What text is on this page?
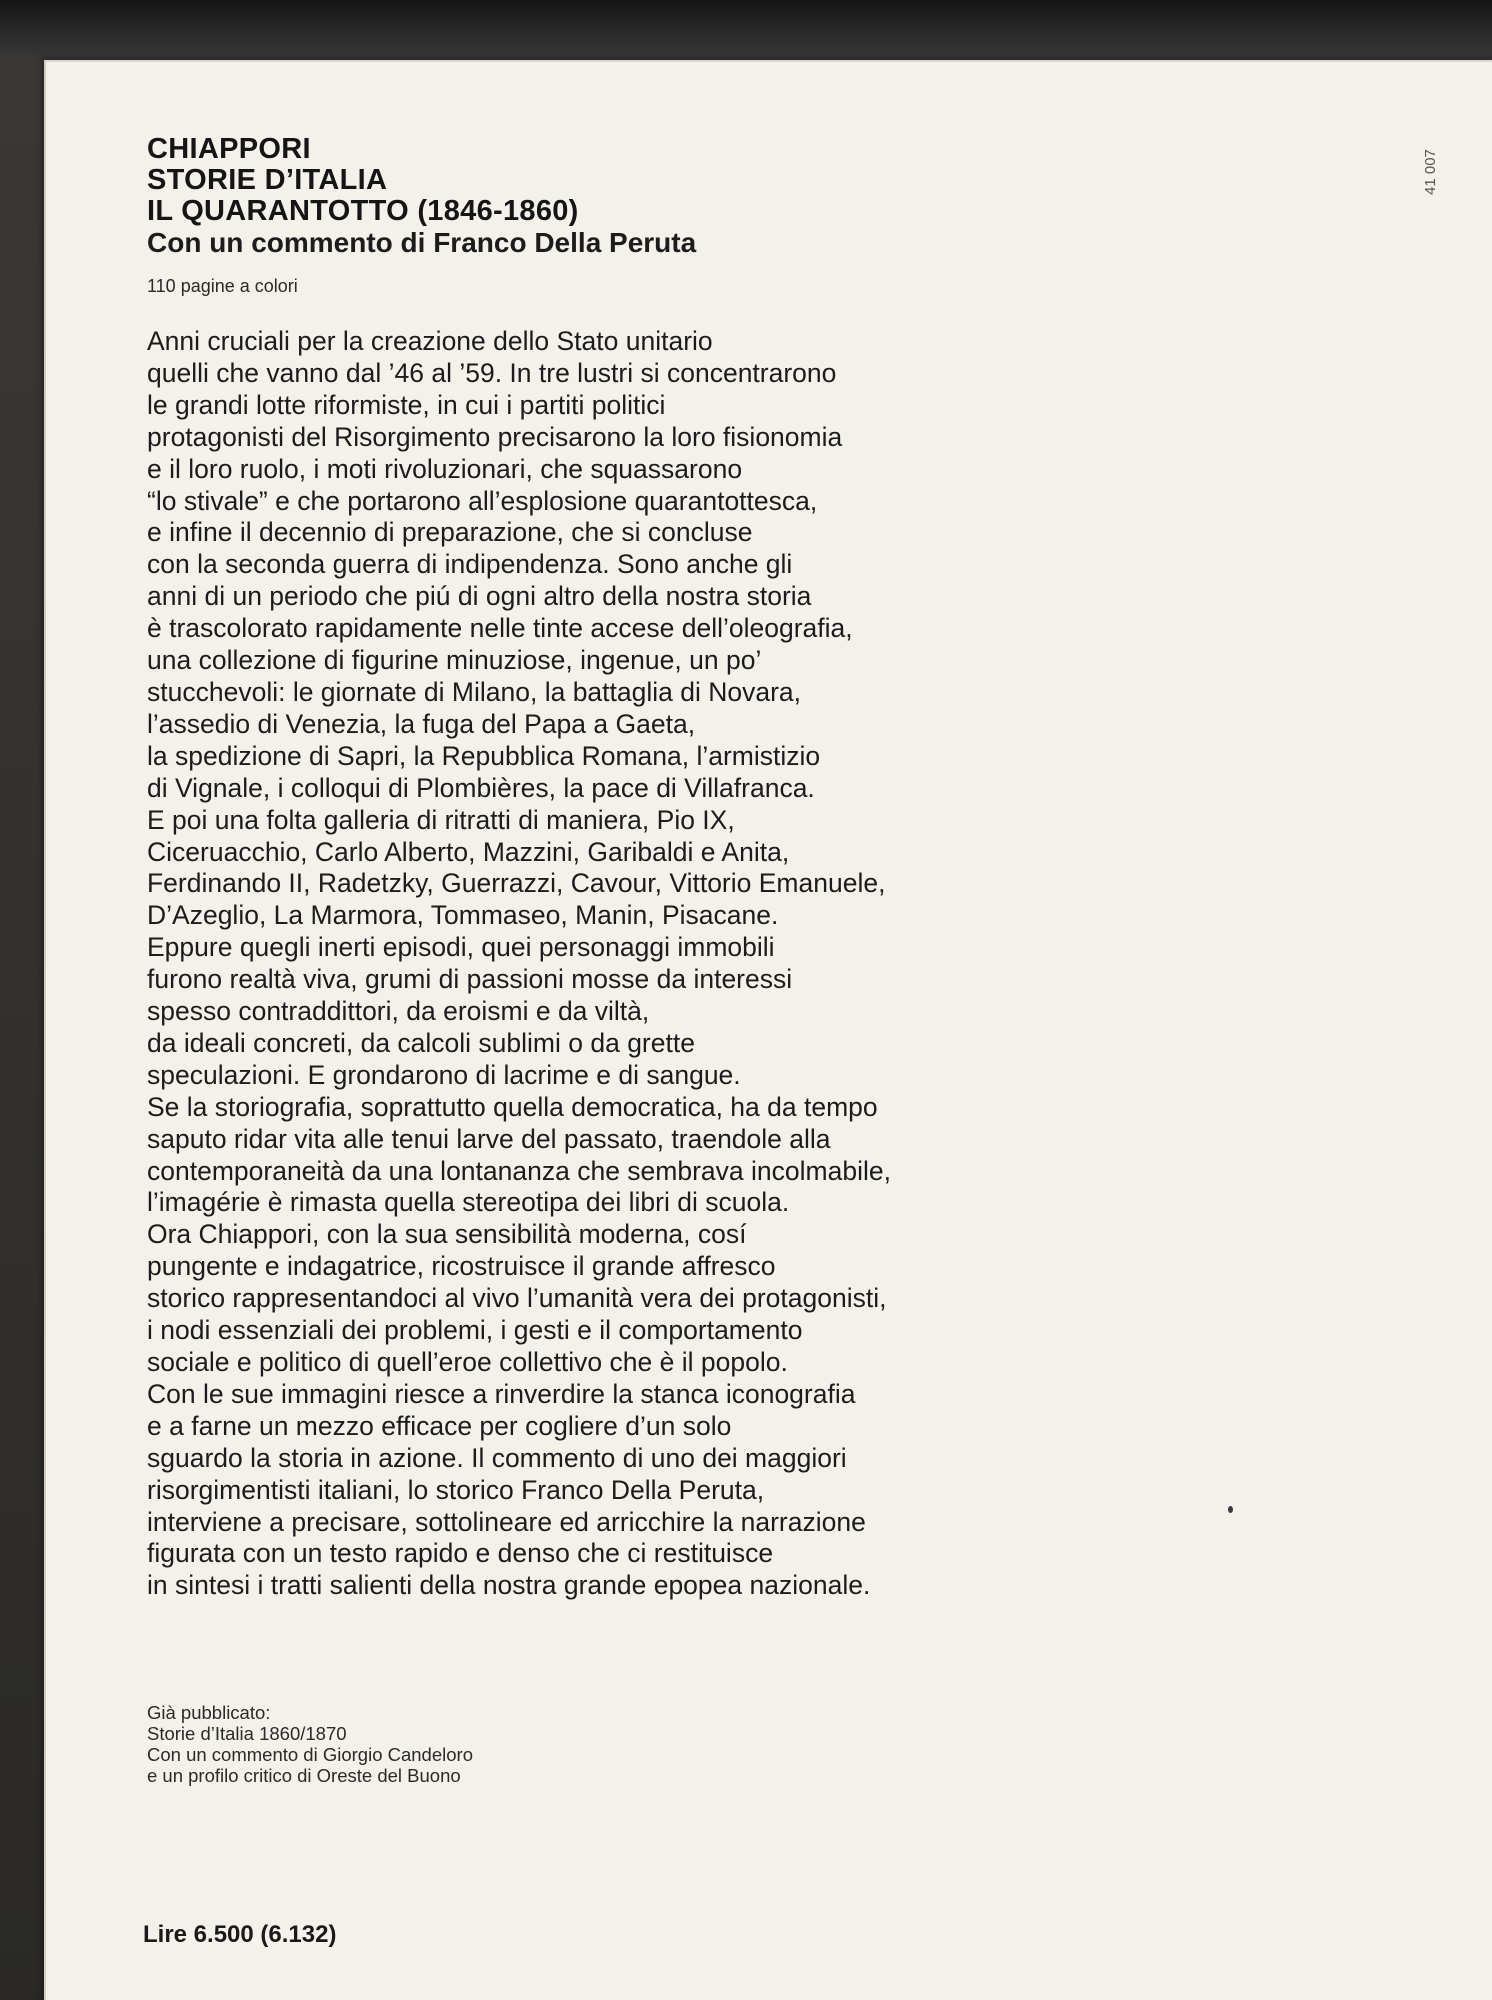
CHIAPPORI

STORIE D’ITALIA

IL QUARANTOTTO (1846-1860)

Con un commento di Franco Della Peruta

110 pagine a colori
41 007
Anni cruciali per la creazione dello Stato unitario
quelli che vanno dal ’46 al ’59. In tre lustri si concentrarono
le grandi lotte riformiste, in cui i partiti politici
protagonisti del Risorgimento precisarono la loro fisionomia
e il loro ruolo, i moti rivoluzionari, che squassarono
“lo stivale” e che portarono all’esplosione quarantottesca,
e infine il decennio di preparazione, che si concluse
con la seconda guerra di indipendenza. Sono anche gli
anni di un periodo che piú di ogni altro della nostra storia
è trascolorato rapidamente nelle tinte accese dell’oleografia,
una collezione di figurine minuziose, ingenue, un po’
stucchevoli: le giornate di Milano, la battaglia di Novara,
l’assedio di Venezia, la fuga del Papa a Gaeta,
la spedizione di Sapri, la Repubblica Romana, l’armistizio
di Vignale, i colloqui di Plombières, la pace di Villafranca.
E poi una folta galleria di ritratti di maniera, Pio IX,
Ciceruacchio, Carlo Alberto, Mazzini, Garibaldi e Anita,
Ferdinando II, Radetzky, Guerrazzi, Cavour, Vittorio Emanuele,
D’Azeglio, La Marmora, Tommaseo, Manin, Pisacane.
Eppure quegli inerti episodi, quei personaggi immobili
furono realtà viva, grumi di passioni mosse da interessi
spesso contraddittori, da eroismi e da viltà,
da ideali concreti, da calcoli sublimi o da grette
speculazioni. E grondarono di lacrime e di sangue.
Se la storiografia, soprattutto quella democratica, ha da tempo
saputo ridar vita alle tenui larve del passato, traendole alla
contemporaneità da una lontananza che sembrava incolmabile,
l’imagérie è rimasta quella stereotipa dei libri di scuola.
Ora Chiappori, con la sua sensibilità moderna, cosí
pungente e indagatrice, ricostruisce il grande affresco
storico rappresentandoci al vivo l’umanità vera dei protagonisti,
i nodi essenziali dei problemi, i gesti e il comportamento
sociale e politico di quell’eroe collettivo che è il popolo.
Con le sue immagini riesce a rinverdire la stanca iconografia
e a farne un mezzo efficace per cogliere d’un solo
sguardo la storia in azione. Il commento di uno dei maggiori
risorgimentisti italiani, lo storico Franco Della Peruta,
interviene a precisare, sottolineare ed arricchire la narrazione
figurata con un testo rapido e denso che ci restituisce
in sintesi i tratti salienti della nostra grande epopea nazionale.
Già pubblicato:
Storie d’Italia 1860/1870
Con un commento di Giorgio Candeloro
e un profilo critico di Oreste del Buono
Lire 6.500 (6.132)
